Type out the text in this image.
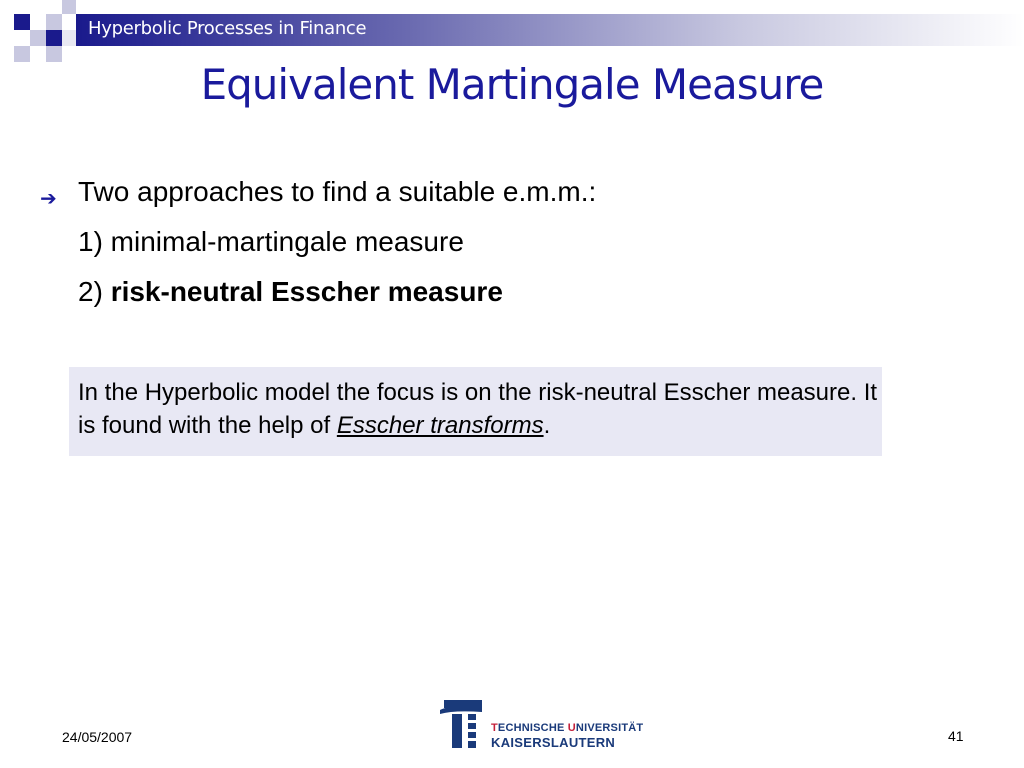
Hyperbolic Processes in Finance
Equivalent Martingale Measure
➔ Two approaches to find a suitable e.m.m.:
1) minimal-martingale measure
2) risk-neutral Esscher measure
In the Hyperbolic model the focus is on the risk-neutral Esscher measure. It is found with the help of Esscher transforms.
24/05/2007	41
TECHNISCHE UNIVERSITÄT
KAISERSLAUTERN
